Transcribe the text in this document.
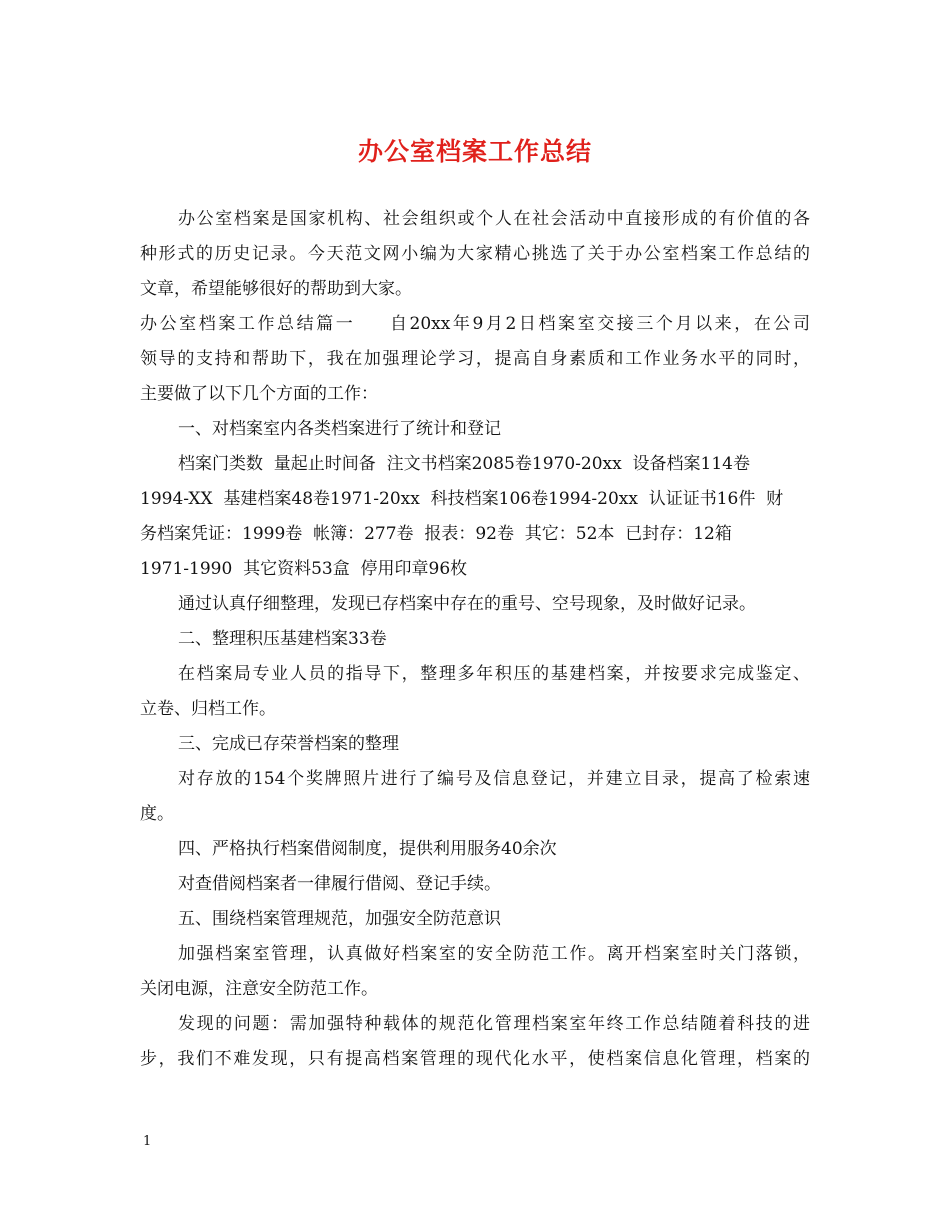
办公室档案工作总结
办公室档案是国家机构、社会组织或个人在社会活动中直接形成的有价值的各
种形式的历史记录。今天范文网小编为大家精心挑选了关于办公室档案工作总结的
文章，希望能够很好的帮助到大家。
办公室档案工作总结篇一 自20xx年9月2日档案室交接三个月以来，在公司
领导的支持和帮助下，我在加强理论学习，提高自身素质和工作业务水平的同时，
主要做了以下几个方面的工作：
一、对档案室内各类档案进行了统计和登记
档案门类数  量起止时间备  注文书档案2085卷1970-20xx  设备档案114卷
1994-XX  基建档案48卷1971-20xx  科技档案106卷1994-20xx  认证证书16件  财
务档案凭证：1999卷  帐簿：277卷  报表：92卷  其它：52本  已封存：12箱
1971-1990  其它资料53盒  停用印章96枚
通过认真仔细整理，发现已存档案中存在的重号、空号现象，及时做好记录。
二、整理积压基建档案33卷
在档案局专业人员的指导下，整理多年积压的基建档案，并按要求完成鉴定、
立卷、归档工作。
三、完成已存荣誉档案的整理
对存放的154个奖牌照片进行了编号及信息登记，并建立目录，提高了检索速
度。
四、严格执行档案借阅制度，提供利用服务40余次
对查借阅档案者一律履行借阅、登记手续。
五、围绕档案管理规范，加强安全防范意识
加强档案室管理，认真做好档案室的安全防范工作。离开档案室时关门落锁，
关闭电源，注意安全防范工作。
发现的问题：需加强特种载体的规范化管理档案室年终工作总结随着科技的进
步，我们不难发现，只有提高档案管理的现代化水平，使档案信息化管理，档案的
1
